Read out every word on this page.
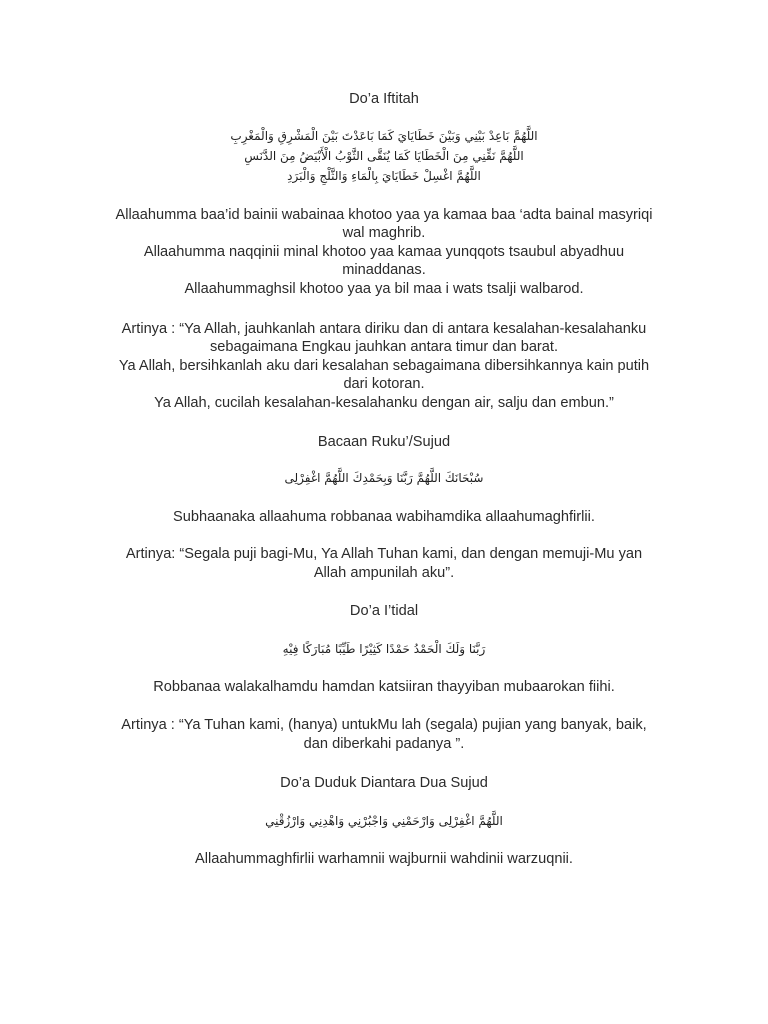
Do’a Iftitah
اللَّهُمَّ بَاعِدْ بَيْنِي وَبَيْنَ خَطَايَايَ كَمَا بَاعَدْتَ بَيْنَ الْمَشْرِقِ وَالْمَغْرِبِ
اللَّهُمَّ نَقِّنِي مِنَ الْخَطَايَا كَمَا يُنَقَّى الثَّوْبُ الْأَبْيَضُ مِنَ الدَّنَسِ
اللَّهُمَّ اغْسِلْ خَطَايَايَ بِالْمَاءِ وَالثَّلْجِ وَالْبَرَدِ
Allaahumma baa’id bainii wabainaa khotoo yaa ya kamaa baa ‘adta bainal masyriqi
wal maghrib.
Allaahumma naqqinii minal khotoo yaa kamaa yunqqots tsaubul abyadhuu
minaddanas.
Allaahummaghsil khotoo yaa ya bil maa i wats tsalji walbarod.
Artinya : “Ya Allah, jauhkanlah antara diriku dan di antara kesalahan-kesalahanku
sebagaimana Engkau jauhkan antara timur dan barat.
Ya Allah, bersihkanlah aku dari kesalahan sebagaimana dibersihkannya kain putih
dari kotoran.
Ya Allah, cucilah kesalahan-kesalahanku dengan air, salju dan embun.”
Bacaan Ruku’/Sujud
سُبْحَانَكَ اللَّهُمَّ رَبَّنَا وَبِحَمْدِكَ اللَّهُمَّ اغْفِرْلِى
Subhaanaka allaahuma robbanaa wabihamdika allaahumaghfirlii.
Artinya: “Segala puji bagi-Mu, Ya Allah Tuhan kami, dan dengan memuji-Mu yan
Allah ampunilah aku”.
Do’a I’tidal
رَبَّنَا وَلَكَ الْحَمْدُ حَمْدًا كَثِيْرًا طَيِّبًا مُبَارَكًا فِيْهِ
Robbanaa walakalhamdu hamdan katsiiran thayyiban mubaarokan fiihi.
Artinya : “Ya Tuhan kami, (hanya) untukMu lah (segala) pujian yang banyak, baik,
dan diberkahi padanya ”.
Do’a Duduk Diantara Dua Sujud
اللَّهُمَّ اغْفِرْلِى وَارْحَمْنِي وَاجْبُرْنِي وَاهْدِنِي وَارْزُقْنِي
Allaahummaghfirlii warhamnii wajburnii wahdinii warzuqnii.
